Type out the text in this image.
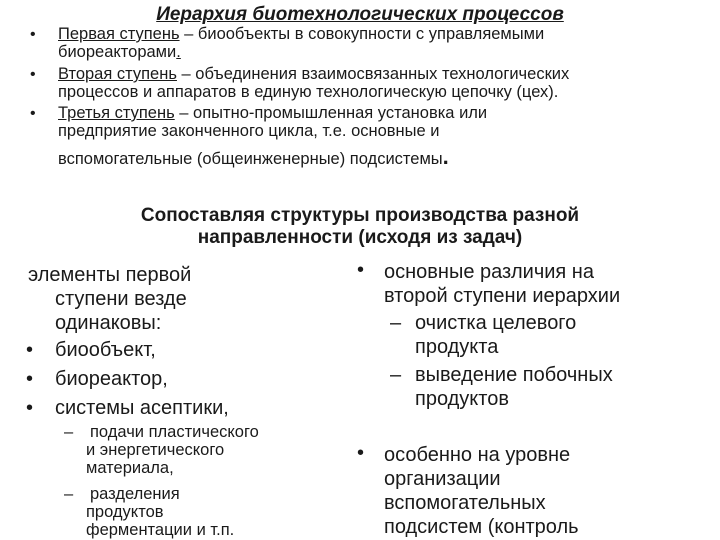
Иерархия биотехнологических процессов
• Первая ступень – биообъекты в совокупности с управляемыми
биореакторами.
• Вторая ступень – объединения взаимосвязанных технологических
процессов и аппаратов в единую технологическую цепочку (цех).
• Третья ступень – опытно-промышленная установка или
предприятие законченного цикла, т.е. основные и
вспомогательные (общеинженерные) подсистемы.
Сопоставляя структуры производства разной
направленности (исходя из задач)
элементы первой
ступени везде
одинаковы:
• биообъект,
• биореактор,
• системы асептики,
– подачи пластического
и энергетического
материала,
– разделения
продуктов
ферментации и т.п.
• основные различия на
второй ступени иерархии
– очистка целевого
продукта
– выведение побочных
продуктов
• особенно на уровне
организации
вспомогательных
подсистем (контроль
